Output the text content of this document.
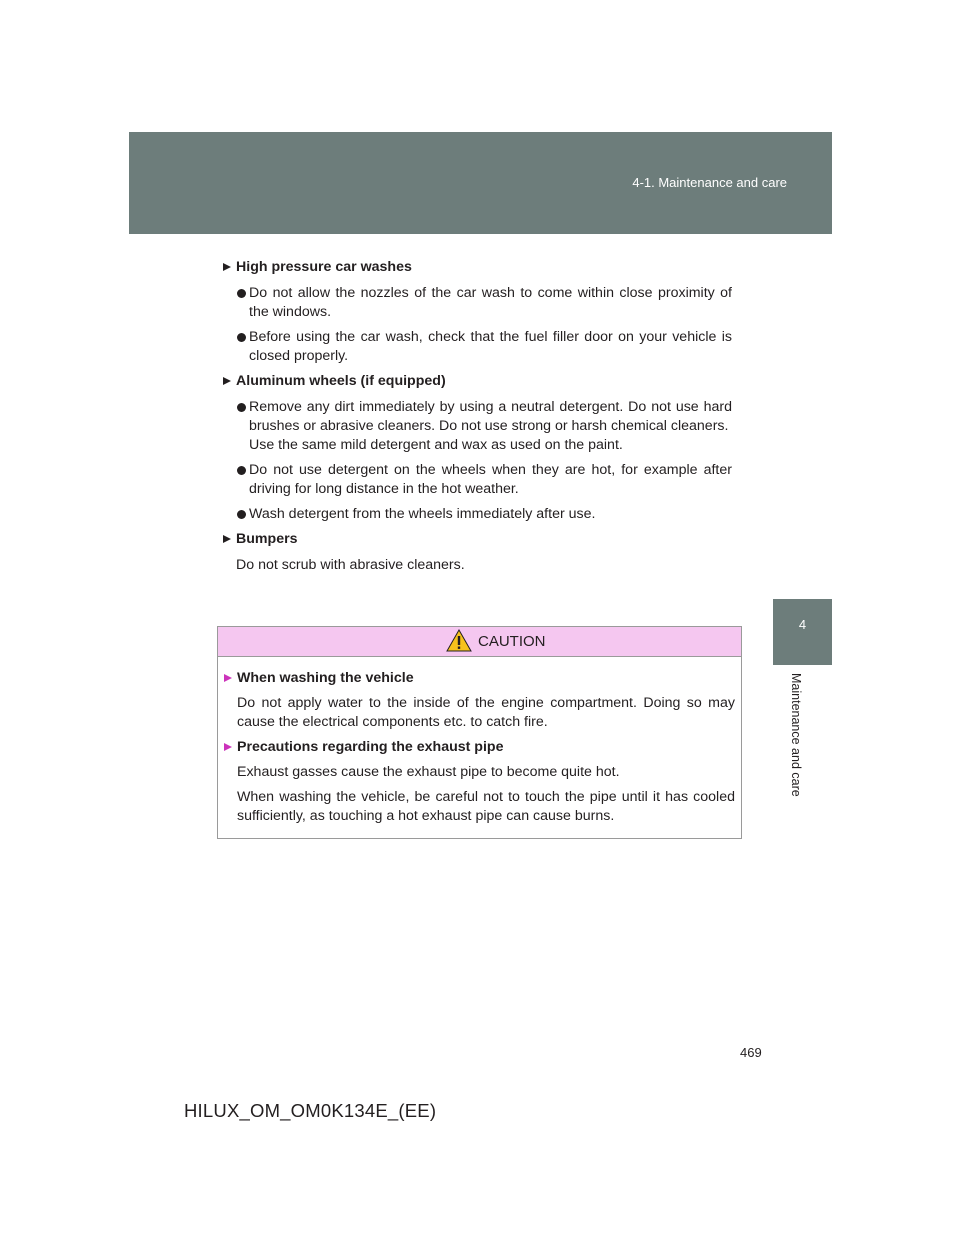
4-1. Maintenance and care
4
Maintenance and care
High pressure car washes
Do not allow the nozzles of the car wash to come within close proximity of the windows.
Before using the car wash, check that the fuel filler door on your vehicle is closed properly.
Aluminum wheels (if equipped)
Remove any dirt immediately by using a neutral detergent. Do not use hard brushes or abrasive cleaners. Do not use strong or harsh chemical cleaners.
Use the same mild detergent and wax as used on the paint.
Do not use detergent on the wheels when they are hot, for example after driving for long distance in the hot weather.
Wash detergent from the wheels immediately after use.
Bumpers
Do not scrub with abrasive cleaners.
CAUTION
When washing the vehicle
Do not apply water to the inside of the engine compartment. Doing so may cause the electrical components etc. to catch fire.
Precautions regarding the exhaust pipe
Exhaust gasses cause the exhaust pipe to become quite hot.
When washing the vehicle, be careful not to touch the pipe until it has cooled sufficiently, as touching a hot exhaust pipe can cause burns.
469
HILUX_OM_OM0K134E_(EE)
